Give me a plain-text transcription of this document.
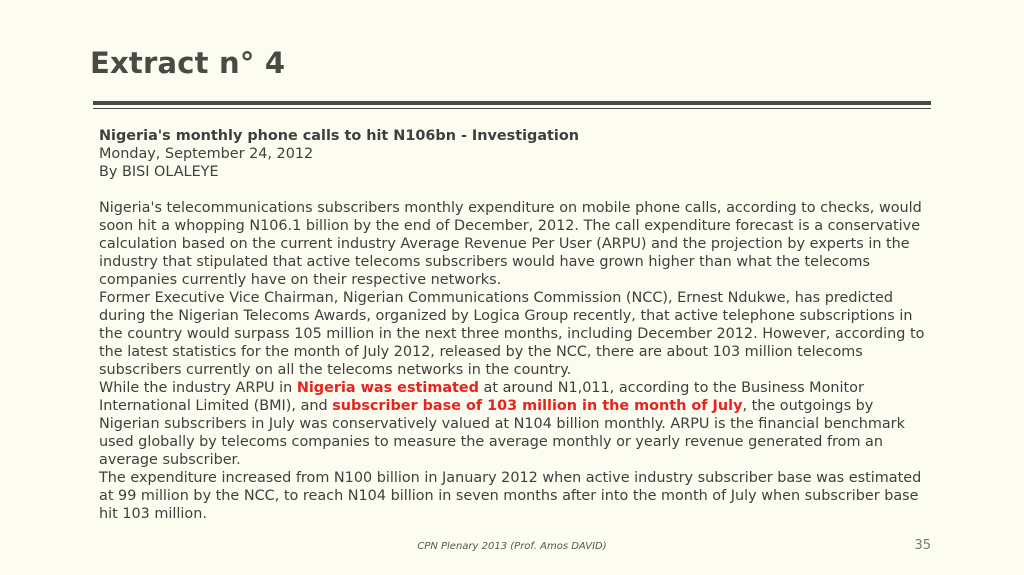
Extract n° 4

Nigeria's monthly phone calls to hit N106bn - Investigation

Monday, September 24, 2012

By BISI OLALEYE

Nigeria's telecommunications subscribers monthly expenditure on mobile phone calls, according to checks, would soon hit a whopping N106.1 billion by the end of December, 2012. The call expenditure forecast is a conservative calculation based on the current industry Average Revenue Per User (ARPU) and the projection by experts in the industry that stipulated that active telecoms subscribers would have grown higher than what the telecoms companies currently have on their respective networks.

Former Executive Vice Chairman, Nigerian Communications Commission (NCC), Ernest Ndukwe, has predicted during the Nigerian Telecoms Awards, organized by Logica Group recently, that active telephone subscriptions in the country would surpass 105 million in the next three months, including December 2012. However, according to the latest statistics for the month of July 2012, released by the NCC, there are about 103 million telecoms subscribers currently on all the telecoms networks in the country.

While the industry ARPU in Nigeria was estimated at around N1,011, according to the Business Monitor International Limited (BMI), and subscriber base of 103 million in the month of July, the outgoings by Nigerian subscribers in July was conservatively valued at N104 billion monthly. ARPU is the financial benchmark used globally by telecoms companies to measure the average monthly or yearly revenue generated from an average subscriber.

The expenditure increased from N100 billion in January 2012 when active industry subscriber base was estimated at 99 million by the NCC, to reach N104 billion in seven months after into the month of July when subscriber base hit 103 million.

CPN Plenary 2013 (Prof. Amos DAVID)	35
